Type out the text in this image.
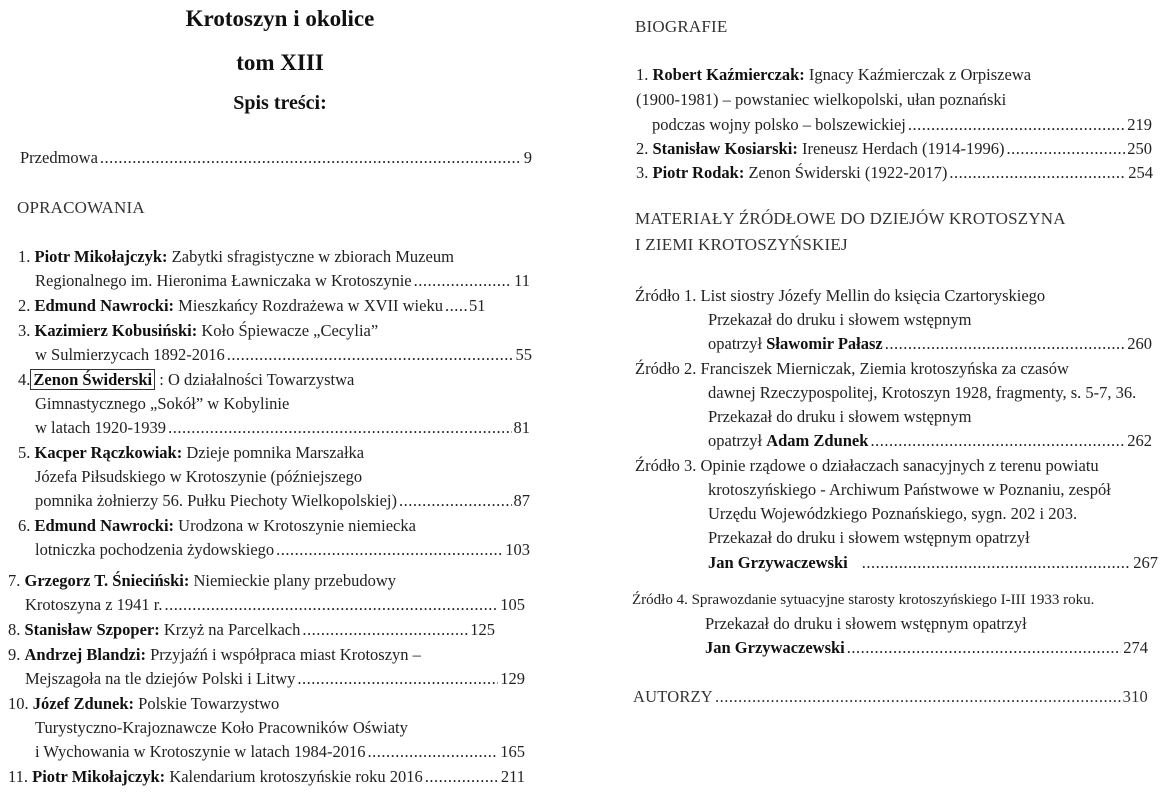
Krotoszyn i okolice
tom XIII
Spis treści:
Przedmowa .....	9
OPRACOWANIA
1. Piotr Mikołajczyk: Zabytki sfragistyczne w zbiorach Muzeum
Regionalnego im. Hieronima Ławniczaka w Krotoszynie .....	11
2. Edmund Nawrocki: Mieszkańcy Rozdrażewa w XVII wieku ..... 51
3. Kazimierz Kobusiński: Koło Śpiewacze „Cecylia”
w Sulmierzycach 1892-2016 .....	55
4. Zenon Świderski : O działalności Towarzystwa
Gimnastycznego „Sokół” w Kobylinie
w latach 1920-1939 .....	81
5. Kacper Rączkowiak: Dzieje pomnika Marszałka
Józefa Piłsudskiego w Krotoszynie (późniejszego
pomnika żołnierzy 56. Pułku Piechoty Wielkopolskiej) .....	87
6. Edmund Nawrocki: Urodzona w Krotoszynie niemiecka
lotniczka pochodzenia żydowskiego .....	103
7. Grzegorz T. Śnieciński: Niemieckie plany przebudowy
Krotoszyna z 1941 r. .....	105
8. Stanisław Szpoper: Krzyż na Parcelkach .....	125
9. Andrzej Blandzi: Przyjaźń i współpraca miast Krotoszyn –
Mejszagoła na tle dziejów Polski i Litwy .....	129
10. Józef Zdunek: Polskie Towarzystwo
Turystyczno-Krajoznawcze Koło Pracowników Oświaty
i Wychowania w Krotoszynie w latach 1984-2016 .....	165
11. Piotr Mikołajczyk: Kalendarium krotoszyńskie roku 2016 .....	211
BIOGRAFIE
1. Robert Kaźmierczak: Ignacy Kaźmierczak z Orpiszewa
(1900-1981) – powstaniec wielkopolski, ułan poznański
podczas wojny polsko – bolszewickiej .....	219
2. Stanisław Kosiarski: Ireneusz Herdach (1914-1996) .....	250
3. Piotr Rodak: Zenon Świderski (1922-2017) .....	254
MATERIAŁY ŹRÓDŁOWE DO DZIEJÓW KROTOSZYNA
I ZIEMI KROTOSZYŃSKIEJ
Źródło 1. List siostry Józefy Mellin do księcia Czartoryskiego
Przekazał do druku i słowem wstępnym
opatrzył Sławomir Pałasz .....	260
Źródło 2. Franciszek Mierniczak, Ziemia krotoszyńska za czasów
dawnej Rzeczypospolitej, Krotoszyn 1928, fragmenty, s. 5-7, 36.
Przekazał do druku i słowem wstępnym
opatrzył Adam Zdunek .....	262
Źródło 3. Opinie rządowe o działaczach sanacyjnych z terenu powiatu
krotoszyńskiego - Archiwum Państwowe w Poznaniu, zespół
Urzędu Wojewódzkiego Poznańskiego, sygn. 202 i 203.
Przekazał do druku i słowem wstępnym opatrzył
Jan Grzywaczewski .....	267
Źródło 4. Sprawozdanie sytuacyjne starosty krotoszyńskiego I-III 1933 roku.
Przekazał do druku i słowem wstępnym opatrzył
Jan Grzywaczewski .....	274
AUTORZY .....	310
